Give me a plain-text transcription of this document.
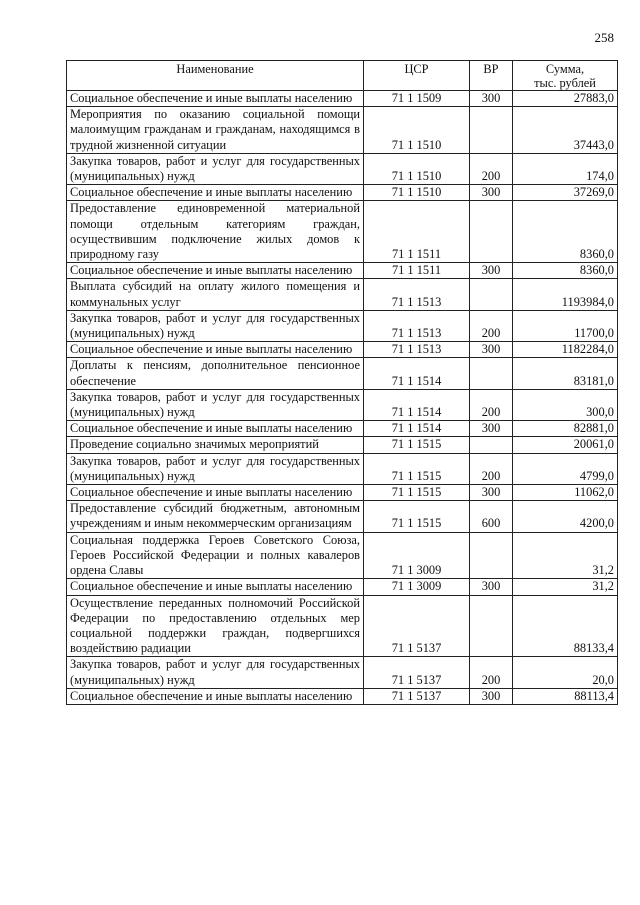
258
Наименование	ЦСР	ВР	Сумма,
тыс. рублей

Социальное обеспечение и иные выплаты населению	71 1 1509	300	27883,0
Мероприятия по оказанию социальной помощи малоимущим гражданам и гражданам, находящимся в трудной жизненной ситуации	71 1 1510		37443,0
Закупка товаров, работ и услуг для государственных (муниципальных) нужд	71 1 1510	200	174,0
Социальное обеспечение и иные выплаты населению	71 1 1510	300	37269,0
Предоставление единовременной материальной помощи отдельным категориям граждан, осуществившим подключение жилых домов к природному газу	71 1 1511		8360,0
Социальное обеспечение и иные выплаты населению	71 1 1511	300	8360,0
Выплата субсидий на оплату жилого помещения и коммунальных услуг	71 1 1513		1193984,0
Закупка товаров, работ и услуг для государственных (муниципальных) нужд	71 1 1513	200	11700,0
Социальное обеспечение и иные выплаты населению	71 1 1513	300	1182284,0
Доплаты к пенсиям, дополнительное пенсионное обеспечение	71 1 1514		83181,0
Закупка товаров, работ и услуг для государственных (муниципальных) нужд	71 1 1514	200	300,0
Социальное обеспечение и иные выплаты населению	71 1 1514	300	82881,0
Проведение социально значимых мероприятий	71 1 1515		20061,0
Закупка товаров, работ и услуг для государственных (муниципальных) нужд	71 1 1515	200	4799,0
Социальное обеспечение и иные выплаты населению	71 1 1515	300	11062,0
Предоставление субсидий бюджетным, автономным учреждениям и иным некоммерческим организациям	71 1 1515	600	4200,0
Социальная поддержка Героев Советского Союза, Героев Российской Федерации и полных кавалеров ордена Славы	71 1 3009		31,2
Социальное обеспечение и иные выплаты населению	71 1 3009	300	31,2
Осуществление переданных полномочий Российской Федерации по предоставлению отдельных мер социальной поддержки граждан, подвергшихся воздействию радиации	71 1 5137		88133,4
Закупка товаров, работ и услуг для государственных (муниципальных) нужд	71 1 5137	200	20,0
Социальное обеспечение и иные выплаты населению	71 1 5137	300	88113,4
